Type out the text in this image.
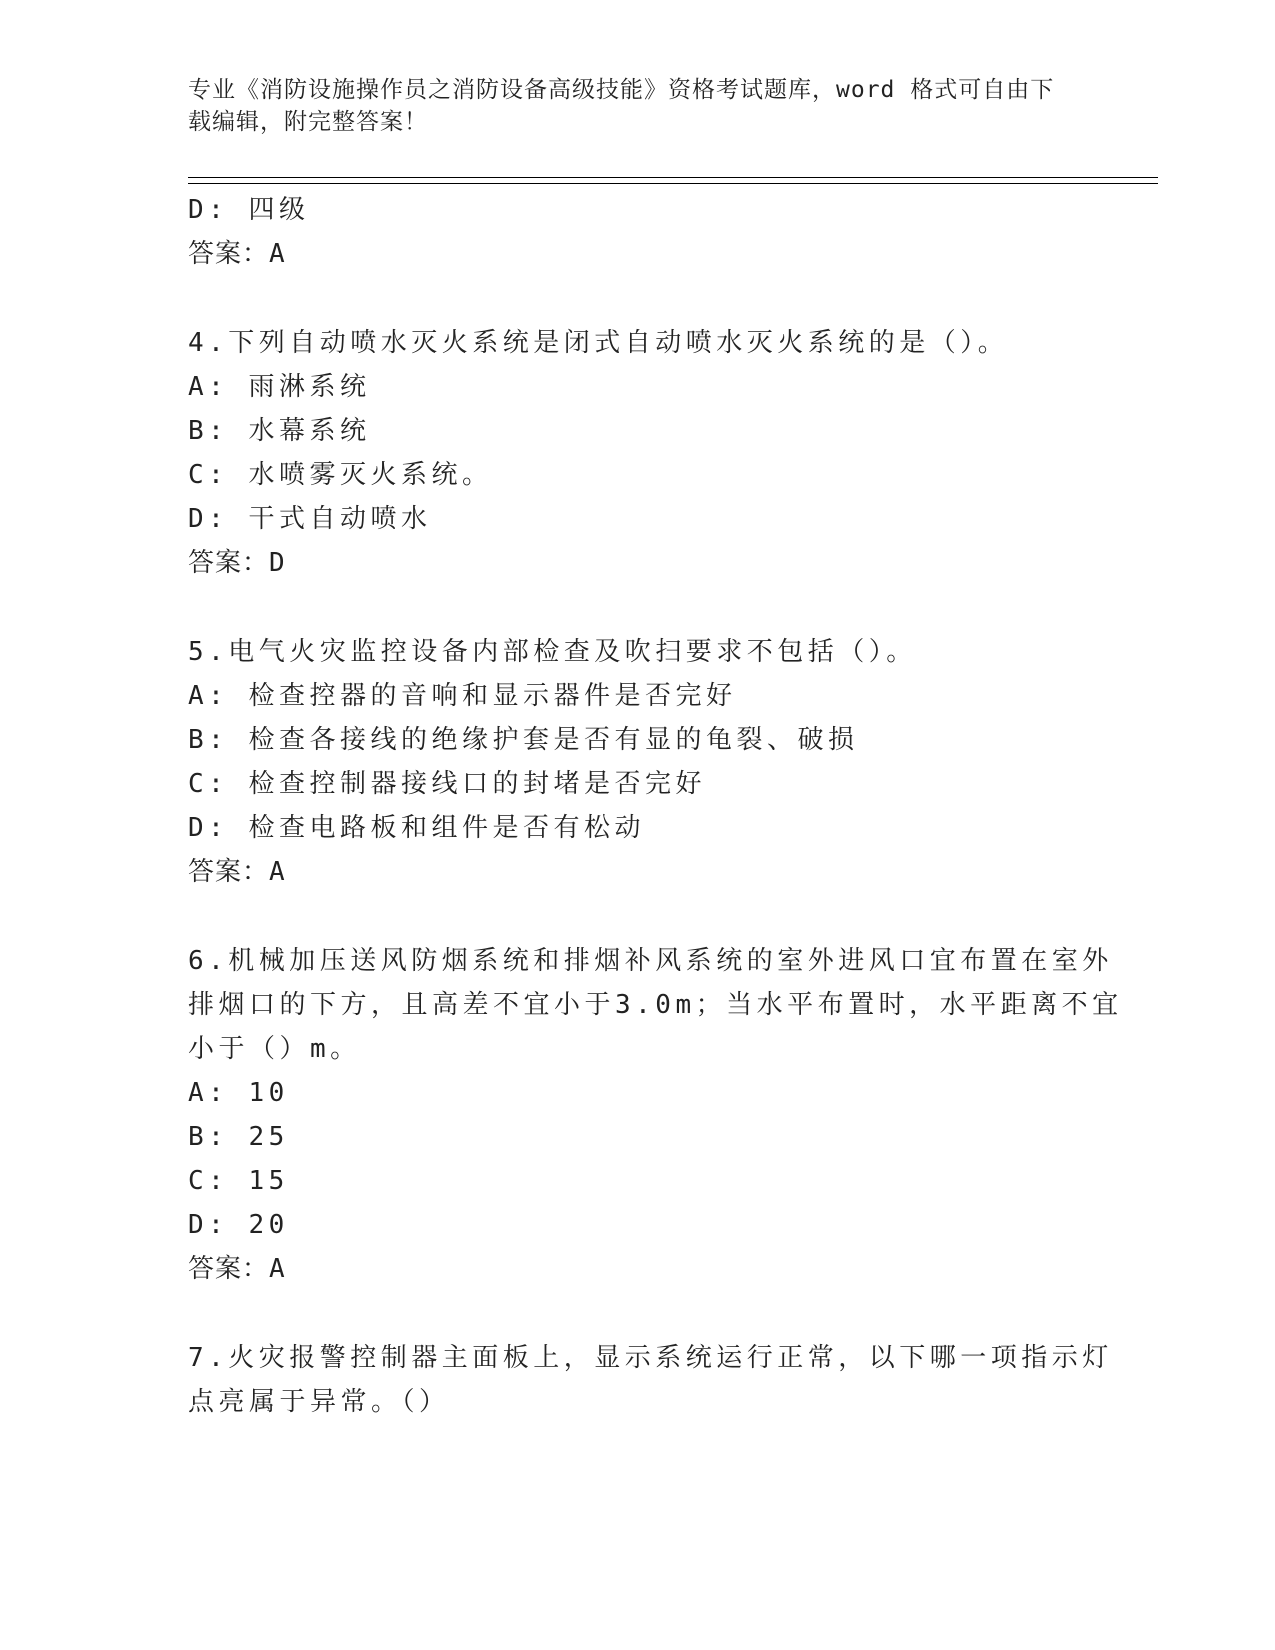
专业《消防设施操作员之消防设备高级技能》资格考试题库，word 格式可自由下
载编辑，附完整答案！
D: 四级
答案：A
4.下列自动喷水灭火系统是闭式自动喷水灭火系统的是（）。
A: 雨淋系统
B: 水幕系统
C: 水喷雾灭火系统。
D: 干式自动喷水
答案：D
5.电气火灾监控设备内部检查及吹扫要求不包括（）。
A: 检查控器的音响和显示器件是否完好
B: 检查各接线的绝缘护套是否有显的龟裂、破损
C: 检查控制器接线口的封堵是否完好
D: 检查电路板和组件是否有松动
答案：A
6.机械加压送风防烟系统和排烟补风系统的室外进风口宜布置在室外
排烟口的下方，且高差不宜小于3.0m；当水平布置时，水平距离不宜
小于（）m。
A: 10
B: 25
C: 15
D: 20
答案：A
7.火灾报警控制器主面板上，显示系统运行正常，以下哪一项指示灯
点亮属于异常。（）
